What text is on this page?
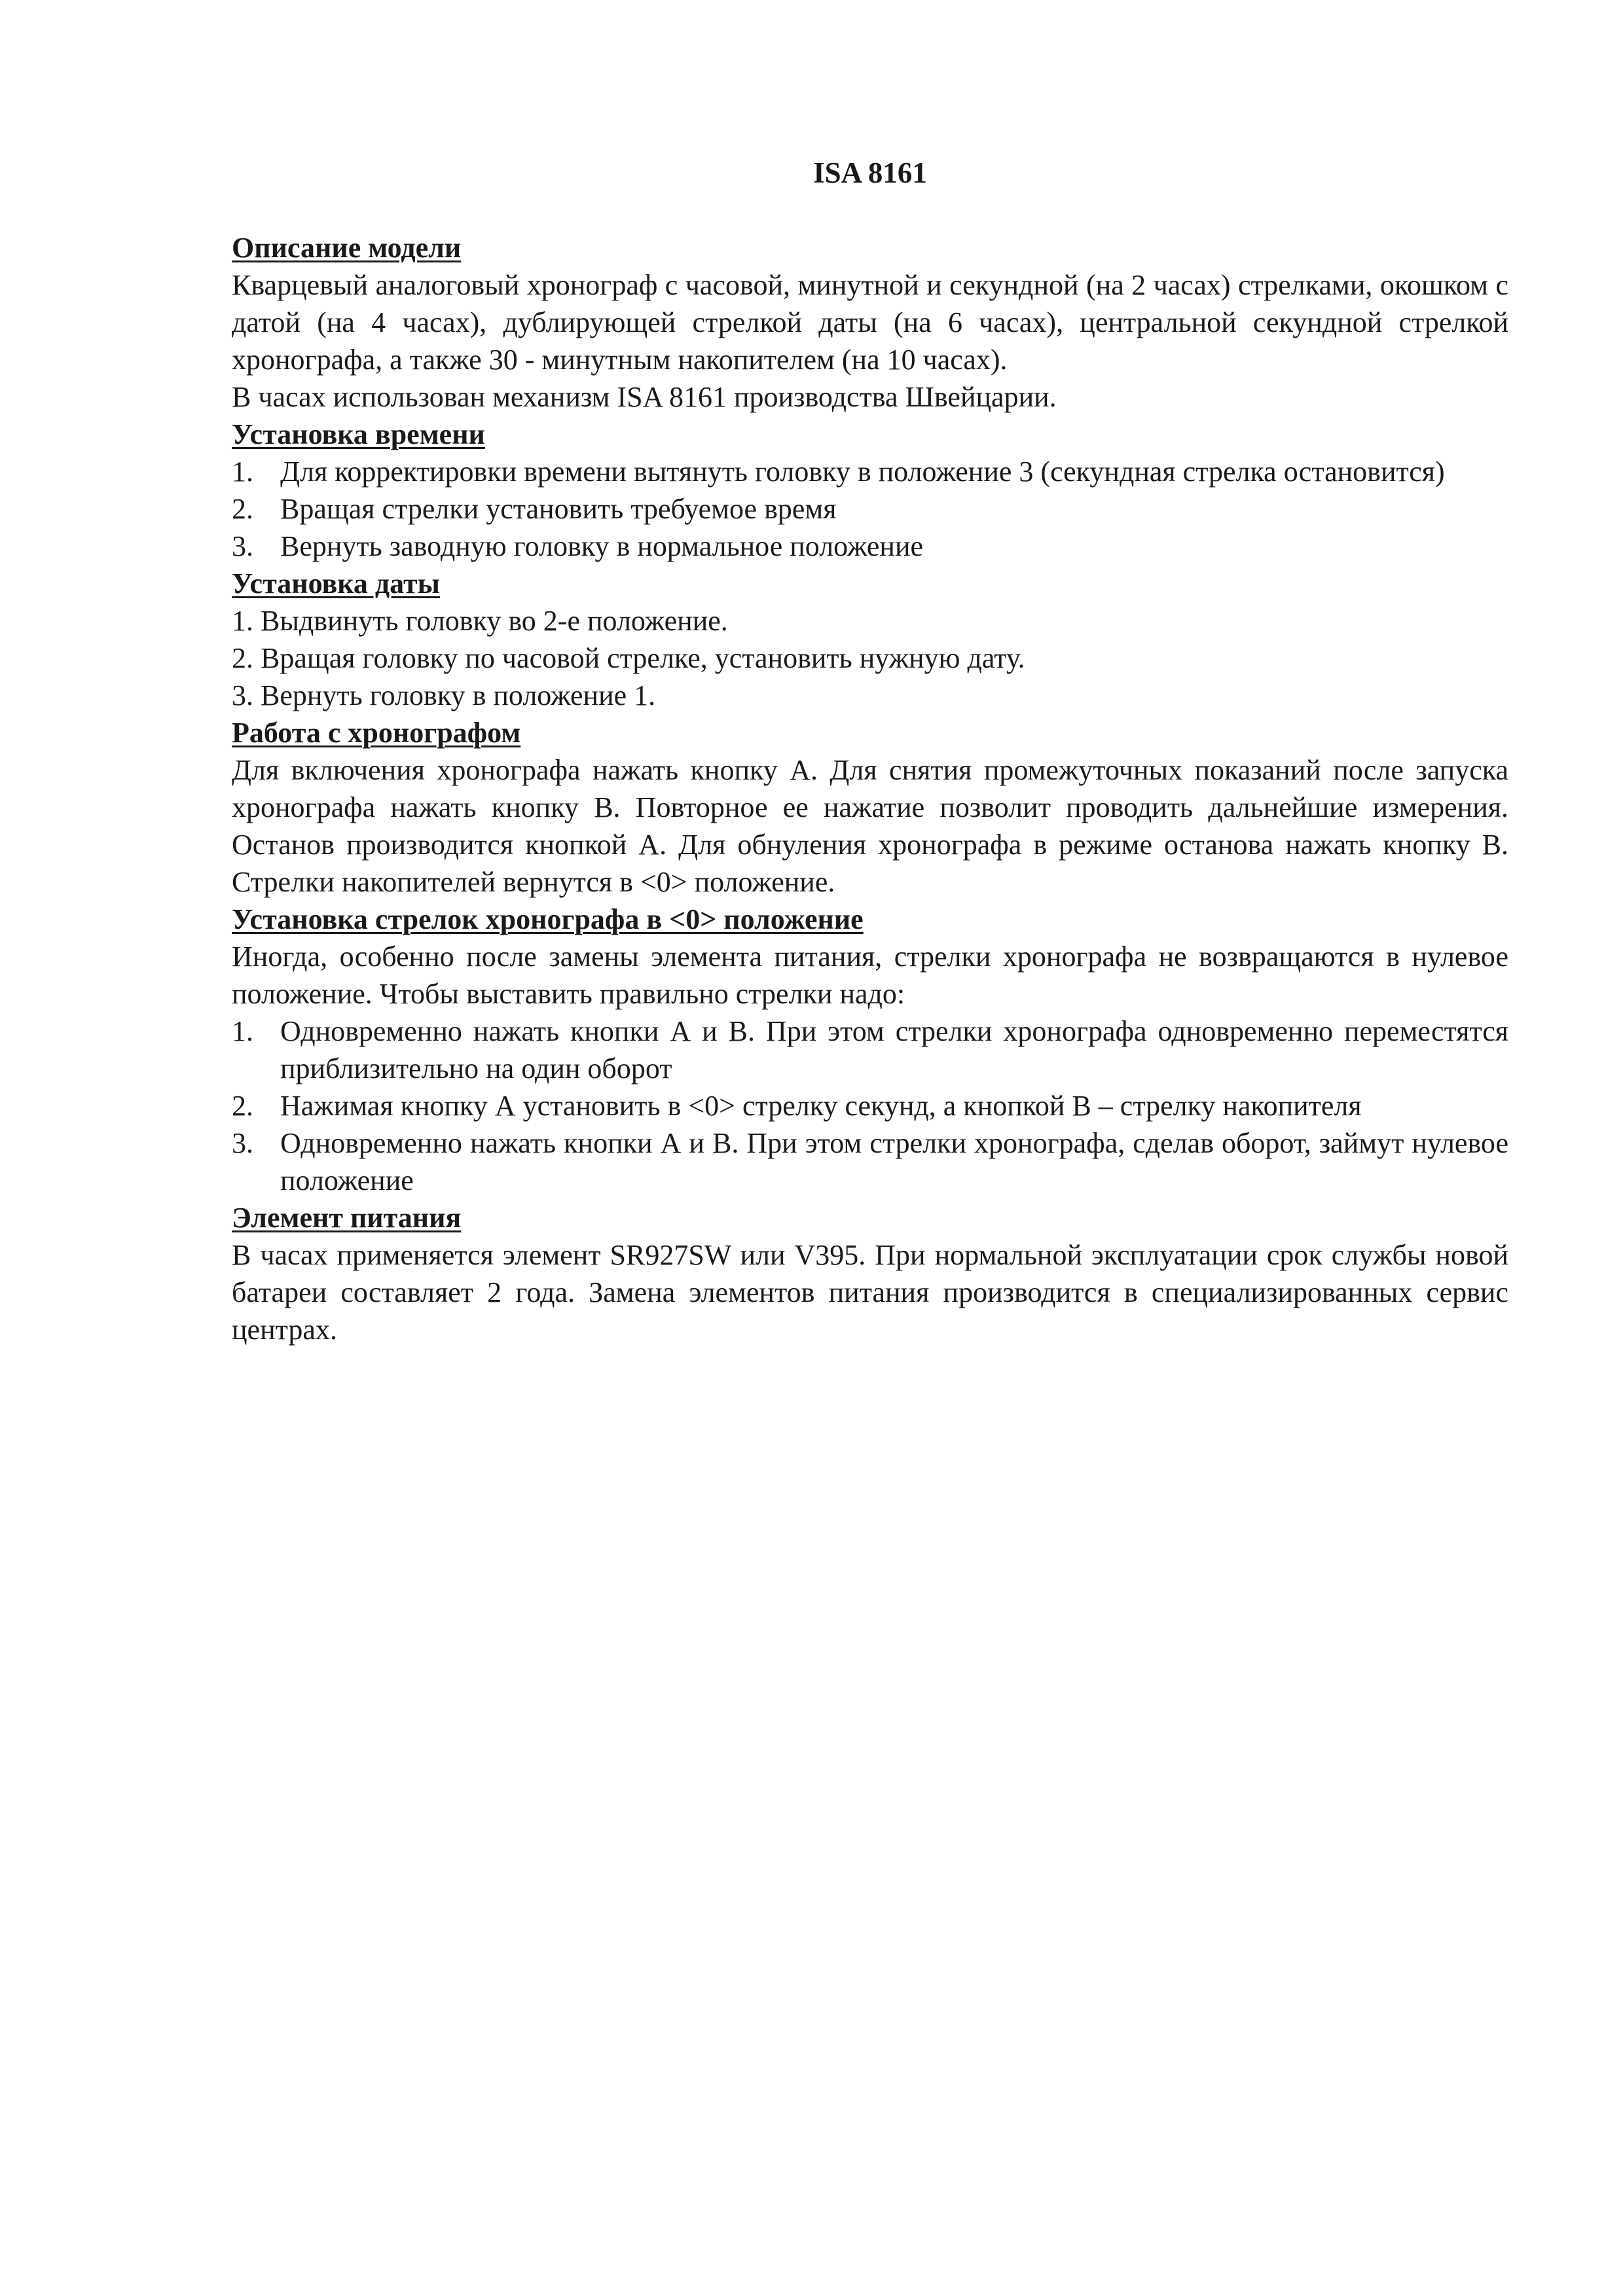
ISA 8161
Описание модели

Кварцевый аналоговый хронограф с часовой, минутной и секундной (на 2 часах) стрелками, окошком с датой (на 4 часах), дублирующей стрелкой даты (на 6 часах), центральной секундной стрелкой хронографа, а также 30 - минутным накопителем (на 10 часах).

В часах использован механизм ISA 8161 производства Швейцарии.

Установка времени
1. Для корректировки времени вытянуть головку в положение 3 (секундная стрелка остановится)
2. Вращая стрелки установить требуемое время
3. Вернуть заводную головку в нормальное положение
Установка даты

1. Выдвинуть головку во 2-е положение.

2. Вращая головку по часовой стрелке, установить нужную дату.

3. Вернуть головку в положение 1.

Работа с хронографом

Для включения хронографа нажать кнопку А. Для снятия промежуточных показаний после запуска хронографа нажать кнопку В. Повторное ее нажатие позволит проводить дальнейшие измерения. Останов производится кнопкой А. Для обнуления хронографа в режиме останова нажать кнопку В. Стрелки накопителей вернутся в <0> положение.

Установка стрелок хронографа в <0> положение

Иногда, особенно после замены элемента питания, стрелки хронографа не возвращаются в нулевое положение. Чтобы выставить правильно стрелки надо:

1. Одновременно нажать кнопки А и В. При этом стрелки хронографа одновременно переместятся приблизительно на один оборот
2. Нажимая кнопку А установить в <0> стрелку секунд, а кнопкой В – стрелку накопителя
3. Одновременно нажать кнопки А и В. При этом стрелки хронографа, сделав оборот, займут нулевое положение
Элемент питания

В часах применяется элемент SR927SW или V395. При нормальной эксплуатации срок службы новой батареи составляет 2 года. Замена элементов питания производится в специализированных сервис центрах.
